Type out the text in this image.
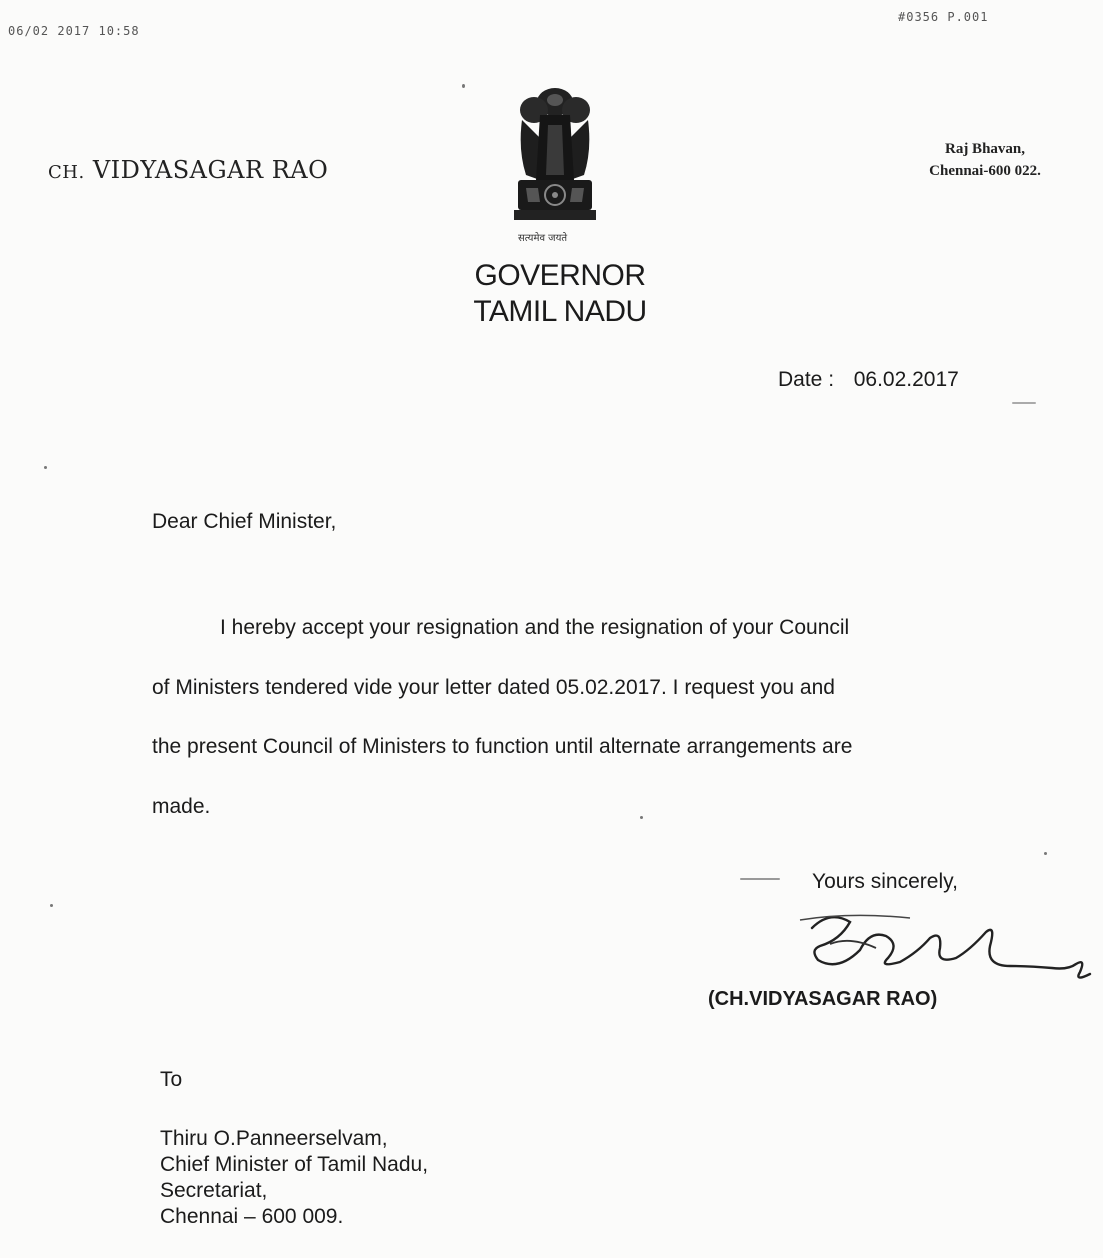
06/02 2017 10:58
#0356 P.001
CH. VIDYASAGAR RAO
सत्यमेव जयते
GOVERNOR
TAMIL NADU
Raj Bhavan,
Chennai-600 022.
Date : 06.02.2017
Dear Chief Minister,
I hereby accept your resignation and the resignation of your Council
of Ministers tendered vide your letter dated 05.02.2017. I request you and
the present Council of Ministers to function until alternate arrangements are
made.
Yours sincerely,
(CH.VIDYASAGAR RAO)
To
Thiru O.Panneerselvam,
Chief Minister of Tamil Nadu,
Secretariat,
Chennai – 600 009.
